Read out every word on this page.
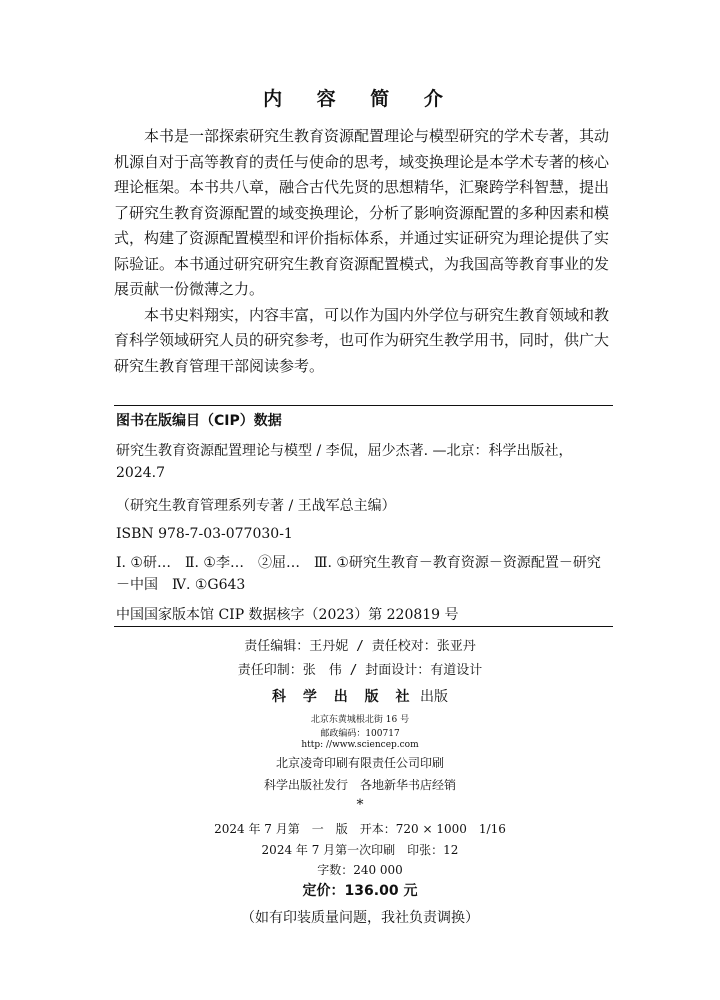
内 容 简 介

本书是一部探索研究生教育资源配置理论与模型研究的学术专著，其动机源自对于高等教育的责任与使命的思考，域变换理论是本学术专著的核心理论框架。本书共八章，融合古代先贤的思想精华，汇聚跨学科智慧，提出了研究生教育资源配置的域变换理论，分析了影响资源配置的多种因素和模式，构建了资源配置模型和评价指标体系，并通过实证研究为理论提供了实际验证。本书通过研究研究生教育资源配置模式，为我国高等教育事业的发展贡献一份微薄之力。

本书史料翔实，内容丰富，可以作为国内外学位与研究生教育领域和教育科学领域研究人员的研究参考，也可作为研究生教学用书，同时，供广大研究生教育管理干部阅读参考。

图书在版编目（CIP）数据
研究生教育资源配置理论与模型 / 李侃，屈少杰著. —北京：科学出版社，2024.7
（研究生教育管理系列专著 / 王战军总主编）
ISBN 978-7-03-077030-1
Ⅰ. ①研…　Ⅱ. ①李…　②屈…　Ⅲ. ①研究生教育－教育资源－资源配置－研究－中国　Ⅳ. ①G643
中国国家版本馆 CIP 数据核字（2023）第 220819 号
责任编辑：王丹妮 / 责任校对：张亚丹
责任印制：张　伟 / 封面设计：有道设计
科 学 出 版 社 出版
北京东黄城根北街 16 号
邮政编码：100717
http: //www.sciencep.com
北京凌奇印刷有限责任公司印刷
科学出版社发行　各地新华书店经销
*
2024 年 7 月第　一　版　开本：720 × 1000　1/16
2024 年 7 月第一次印刷　印张：12
字数：240 000
定价：136.00 元
（如有印装质量问题，我社负责调换）
